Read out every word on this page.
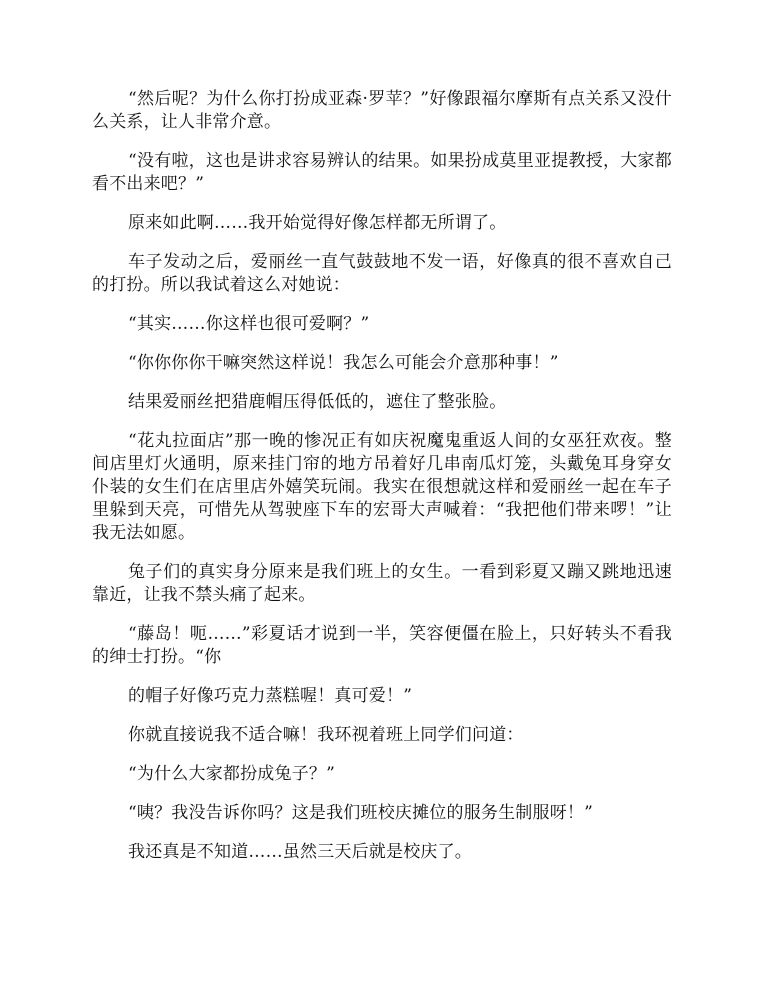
“然后呢？为什么你打扮成亚森·罗苹？”好像跟福尔摩斯有点关系又没什么关系，让人非常介意。

“没有啦，这也是讲求容易辨认的结果。如果扮成莫里亚提教授，大家都看不出来吧？”

原来如此啊……我开始觉得好像怎样都无所谓了。

车子发动之后，爱丽丝一直气鼓鼓地不发一语，好像真的很不喜欢自己的打扮。所以我试着这么对她说：

“其实……你这样也很可爱啊？”

“你你你你干嘛突然这样说！我怎么可能会介意那种事！”

结果爱丽丝把猎鹿帽压得低低的，遮住了整张脸。

“花丸拉面店”那一晚的惨况正有如庆祝魔鬼重返人间的女巫狂欢夜。整间店里灯火通明，原来挂门帘的地方吊着好几串南瓜灯笼，头戴兔耳身穿女仆装的女生们在店里店外嬉笑玩闹。我实在很想就这样和爱丽丝一起在车子里躲到天亮，可惜先从驾驶座下车的宏哥大声喊着：“我把他们带来啰！”让我无法如愿。

兔子们的真实身分原来是我们班上的女生。一看到彩夏又蹦又跳地迅速靠近，让我不禁头痛了起来。

“藤岛！呃……”彩夏话才说到一半，笑容便僵在脸上，只好转头不看我的绅士打扮。“你

的帽子好像巧克力蒸糕喔！真可爱！”

你就直接说我不适合嘛！我环视着班上同学们问道：

“为什么大家都扮成兔子？”

“咦？我没告诉你吗？这是我们班校庆摊位的服务生制服呀！”

我还真是不知道……虽然三天后就是校庆了。
